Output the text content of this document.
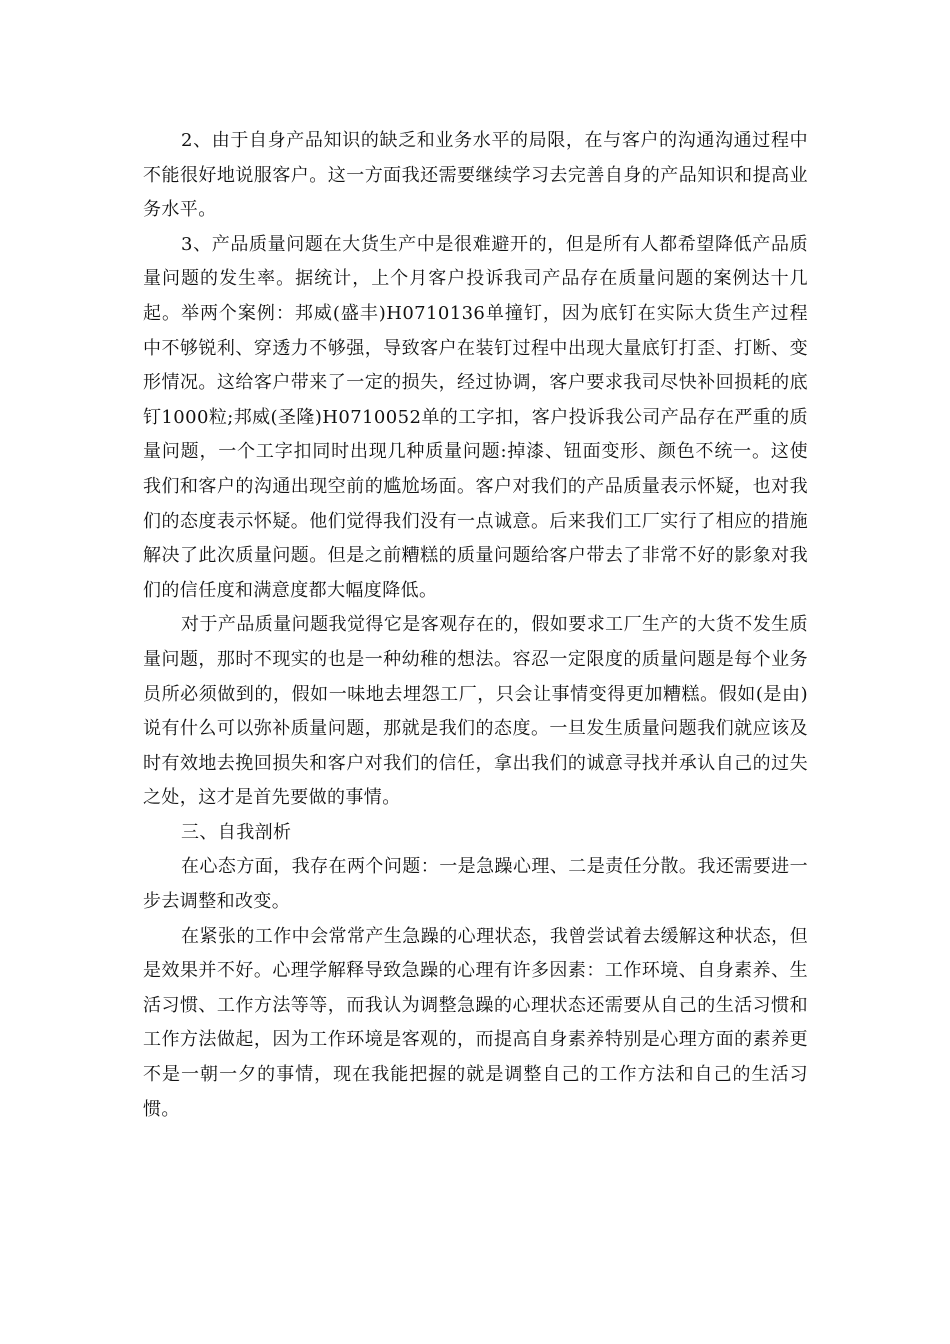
2、由于自身产品知识的缺乏和业务水平的局限，在与客户的沟通沟通过程中不能很好地说服客户。这一方面我还需要继续学习去完善自身的产品知识和提高业务水平。

3、产品质量问题在大货生产中是很难避开的，但是所有人都希望降低产品质量问题的发生率。据统计，上个月客户投诉我司产品存在质量问题的案例达十几起。举两个案例：邦威(盛丰)H0710136单撞钉，因为底钉在实际大货生产过程中不够锐利、穿透力不够强，导致客户在装钉过程中出现大量底钉打歪、打断、变形情况。这给客户带来了一定的损失，经过协调，客户要求我司尽快补回损耗的底钉1000粒;邦威(圣隆)H0710052单的工字扣，客户投诉我公司产品存在严重的质量问题，一个工字扣同时出现几种质量问题:掉漆、钮面变形、颜色不统一。这使我们和客户的沟通出现空前的尴尬场面。客户对我们的产品质量表示怀疑，也对我们的态度表示怀疑。他们觉得我们没有一点诚意。后来我们工厂实行了相应的措施解决了此次质量问题。但是之前糟糕的质量问题给客户带去了非常不好的影象对我们的信任度和满意度都大幅度降低。

对于产品质量问题我觉得它是客观存在的，假如要求工厂生产的大货不发生质量问题，那时不现实的也是一种幼稚的想法。容忍一定限度的质量问题是每个业务员所必须做到的，假如一味地去埋怨工厂，只会让事情变得更加糟糕。假如(是由)说有什么可以弥补质量问题，那就是我们的态度。一旦发生质量问题我们就应该及时有效地去挽回损失和客户对我们的信任，拿出我们的诚意寻找并承认自己的过失之处，这才是首先要做的事情。

三、自我剖析

在心态方面，我存在两个问题：一是急躁心理、二是责任分散。我还需要进一步去调整和改变。

在紧张的工作中会常常产生急躁的心理状态，我曾尝试着去缓解这种状态，但是效果并不好。心理学解释导致急躁的心理有许多因素：工作环境、自身素养、生活习惯、工作方法等等，而我认为调整急躁的心理状态还需要从自己的生活习惯和工作方法做起，因为工作环境是客观的，而提高自身素养特别是心理方面的素养更不是一朝一夕的事情，现在我能把握的就是调整自己的工作方法和自己的生活习惯。
